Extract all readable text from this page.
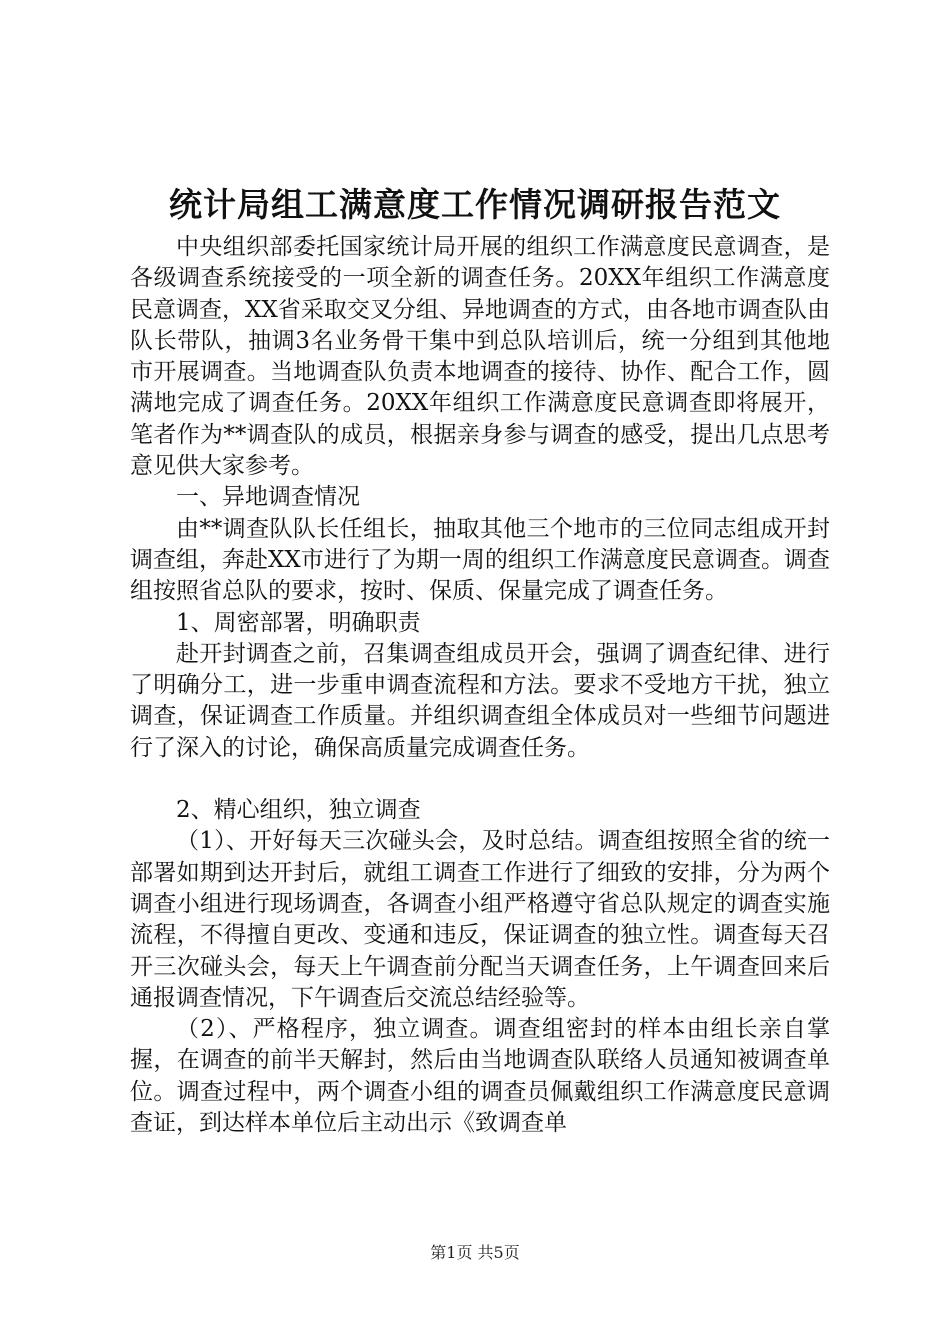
统计局组工满意度工作情况调研报告范文

中央组织部委托国家统计局开展的组织工作满意度民意调查，是各级调查系统接受的一项全新的调查任务。20XX年组织工作满意度民意调查，XX省采取交叉分组、异地调查的方式，由各地市调查队由队长带队，抽调3名业务骨干集中到总队培训后，统一分组到其他地市开展调查。当地调查队负责本地调查的接待、协作、配合工作，圆满地完成了调查任务。20XX年组织工作满意度民意调查即将展开，笔者作为**调查队的成员，根据亲身参与调查的感受，提出几点思考意见供大家参考。

一、异地调查情况

由**调查队队长任组长，抽取其他三个地市的三位同志组成开封调查组，奔赴XX市进行了为期一周的组织工作满意度民意调查。调查组按照省总队的要求，按时、保质、保量完成了调查任务。

1、周密部署，明确职责

赴开封调查之前，召集调查组成员开会，强调了调查纪律、进行了明确分工，进一步重申调查流程和方法。要求不受地方干扰，独立调查，保证调查工作质量。并组织调查组全体成员对一些细节问题进行了深入的讨论，确保高质量完成调查任务。

2、精心组织，独立调查

（1）、开好每天三次碰头会，及时总结。调查组按照全省的统一部署如期到达开封后，就组工调查工作进行了细致的安排，分为两个调查小组进行现场调查，各调查小组严格遵守省总队规定的调查实施流程，不得擅自更改、变通和违反，保证调查的独立性。调查每天召开三次碰头会，每天上午调查前分配当天调查任务，上午调查回来后通报调查情况，下午调查后交流总结经验等。

（2）、严格程序，独立调查。调查组密封的样本由组长亲自掌握，在调查的前半天解封，然后由当地调查队联络人员通知被调查单位。调查过程中，两个调查小组的调查员佩戴组织工作满意度民意调查证，到达样本单位后主动出示《致调查单

第1页 共5页
